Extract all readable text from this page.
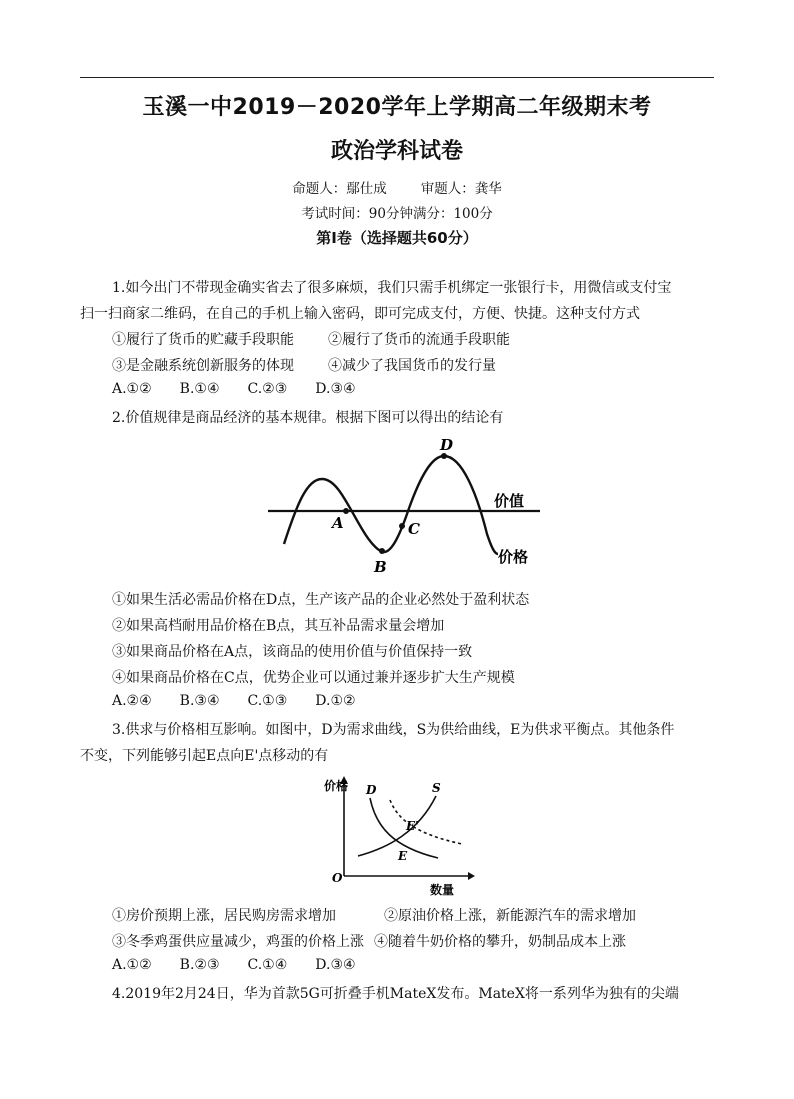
玉溪一中2019－2020学年上学期高二年级期末考
政治学科试卷
命题人：鄢仕成	审题人：龚华
考试时间：90分钟满分：100分
第Ⅰ卷（选择题共60分）
1.如今出门不带现金确实省去了很多麻烦，我们只需手机绑定一张银行卡，用微信或支付宝
扫一扫商家二维码，在自己的手机上输入密码，即可完成支付，方便、快捷。这种支付方式
①履行了货币的贮藏手段职能 ②履行了货币的流通手段职能
③是金融系统创新服务的体现 ④减少了我国货币的发行量
A.①② B.①④ C.②③ D.③④
2.价值规律是商品经济的基本规律。根据下图可以得出的结论有
A
B
C
D
价值
价格
①如果生活必需品价格在D点，生产该产品的企业必然处于盈利状态
②如果高档耐用品价格在B点，其互补品需求量会增加
③如果商品价格在A点，该商品的使用价值与价值保持一致
④如果商品价格在C点，优势企业可以通过兼并逐步扩大生产规模
A.②④ B.③④ C.①③ D.①②
3.供求与价格相互影响。如图中，D为需求曲线，S为供给曲线，E为供求平衡点。其他条件
不变，下列能够引起E点向E'点移动的有
价格
O
数量
D	S
E
E'
①房价预期上涨，居民购房需求增加	②原油价格上涨，新能源汽车的需求增加
③冬季鸡蛋供应量减少，鸡蛋的价格上涨 ④随着牛奶价格的攀升，奶制品成本上涨
A.①② B.②③ C.①④ D.③④
4.2019年2月24日，华为首款5G可折叠手机MateX发布。MateX将一系列华为独有的尖端
